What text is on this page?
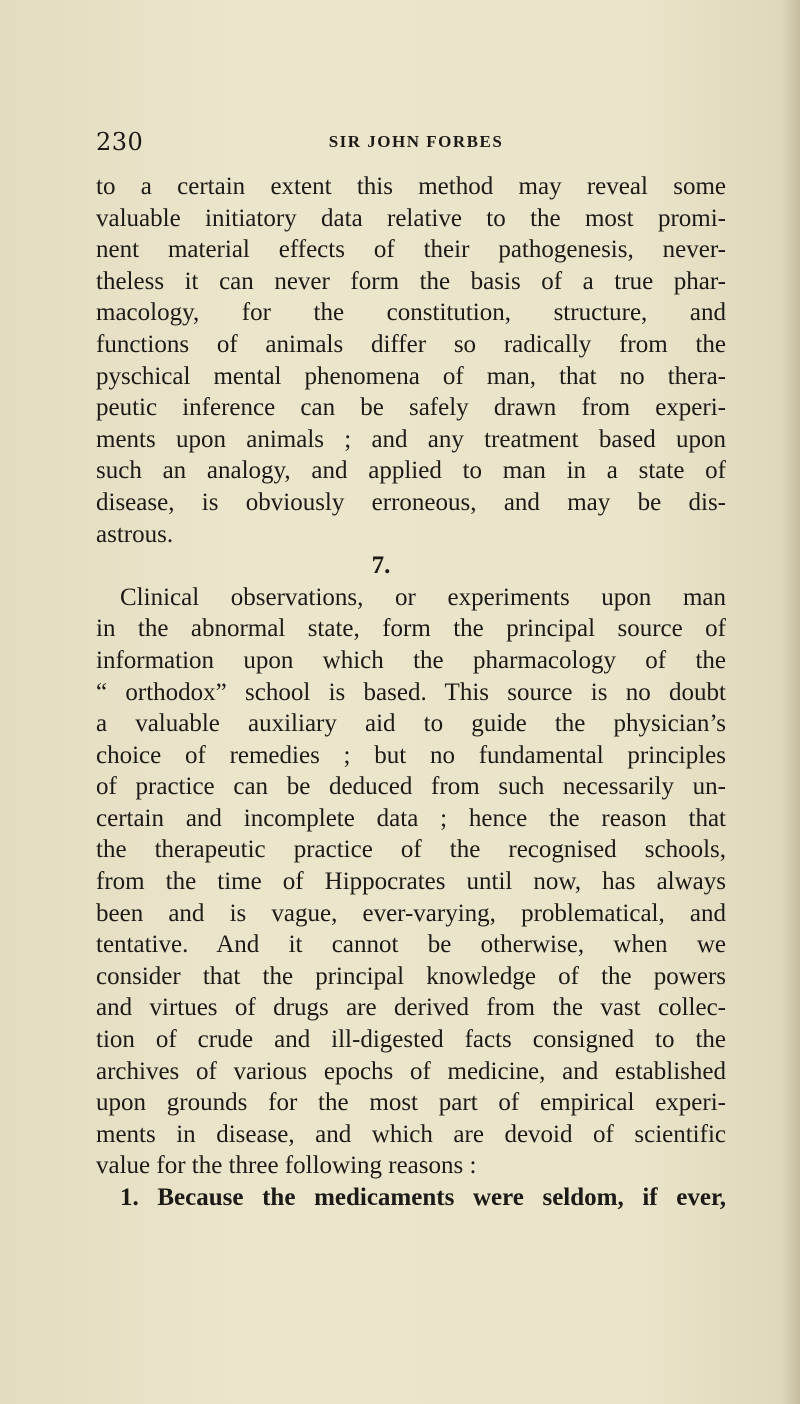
230	SIR JOHN FORBES
to a certain extent this method may reveal some
valuable initiatory data relative to the most promi-
nent material effects of their pathogenesis, never-
theless it can never form the basis of a true phar-
macology, for the constitution, structure, and
functions of animals differ so radically from the
pyschical mental phenomena of man, that no thera-
peutic inference can be safely drawn from experi-
ments upon animals ; and any treatment based upon
such an analogy, and applied to man in a state of
disease, is obviously erroneous, and may be dis-
astrous.
7.
Clinical observations, or experiments upon man
in the abnormal state, form the principal source of
information upon which the pharmacology of the
“ orthodox” school is based. This source is no doubt
a valuable auxiliary aid to guide the physician’s
choice of remedies ; but no fundamental principles
of practice can be deduced from such necessarily un-
certain and incomplete data ; hence the reason that
the therapeutic practice of the recognised schools,
from the time of Hippocrates until now, has always
been and is vague, ever-varying, problematical, and
tentative. And it cannot be otherwise, when we
consider that the principal knowledge of the powers
and virtues of drugs are derived from the vast collec-
tion of crude and ill-digested facts consigned to the
archives of various epochs of medicine, and established
upon grounds for the most part of empirical experi-
ments in disease, and which are devoid of scientific
value for the three following reasons :
1. Because the medicaments were seldom, if ever,
